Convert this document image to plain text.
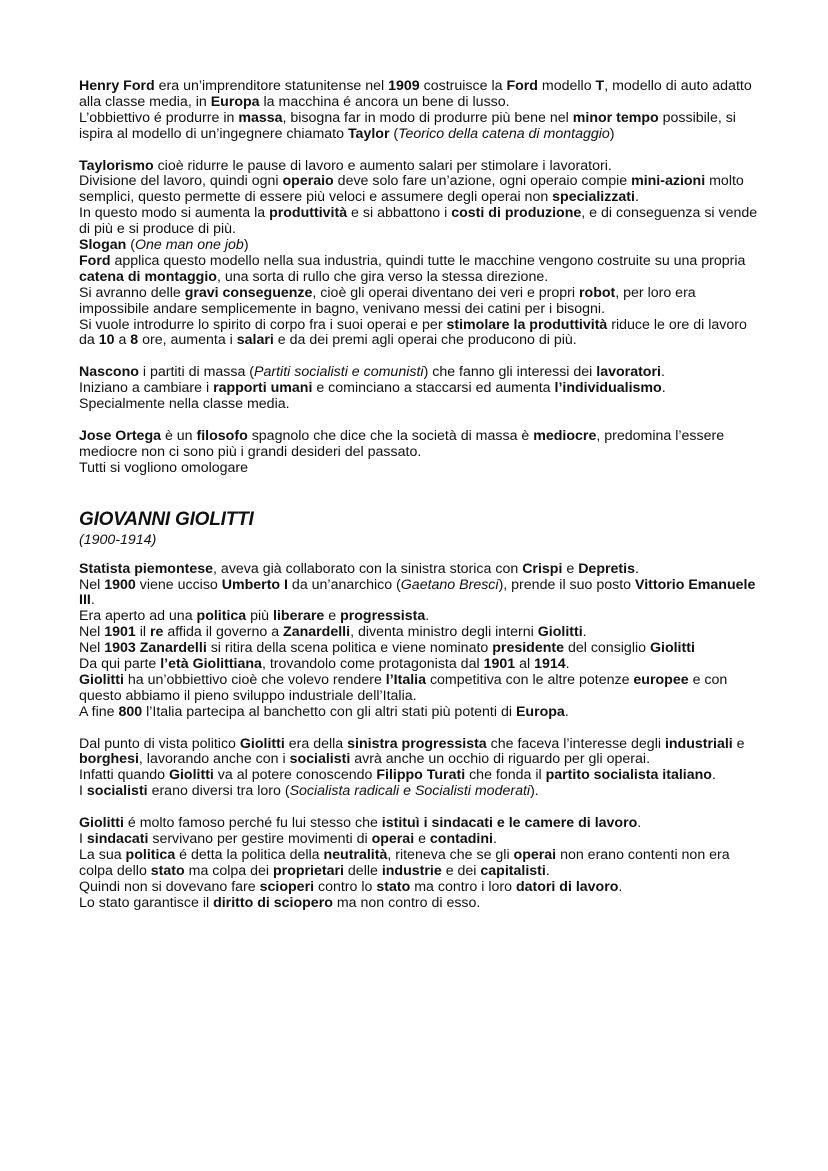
Henry Ford era un’imprenditore statunitense nel 1909 costruisce la Ford modello T, modello di auto adatto alla classe media, in Europa la macchina é ancora un bene di lusso.

L’obbiettivo é produrre in massa, bisogna far in modo di produrre più bene nel minor tempo possibile, si ispira al modello di un’ingegnere chiamato Taylor (Teorico della catena di montaggio)

Taylorismo cioè ridurre le pause di lavoro e aumento salari per stimolare i lavoratori.

Divisione del lavoro, quindi ogni operaio deve solo fare un’azione, ogni operaio compie mini-azioni molto semplici, questo permette di essere più veloci e assumere degli operai non specializzati.

In questo modo si aumenta la produttività e si abbattono i costi di produzione, e di conseguenza si vende di più e si produce di più.

Slogan (One man one job)

Ford applica questo modello nella sua industria, quindi tutte le macchine vengono costruite su una propria catena di montaggio, una sorta di rullo che gira verso la stessa direzione.

Si avranno delle gravi conseguenze, cioè gli operai diventano dei veri e propri robot, per loro era impossibile andare semplicemente in bagno, venivano messi dei catini per i bisogni.

Si vuole introdurre lo spirito di corpo fra i suoi operai e per stimolare la produttività riduce le ore di lavoro da 10 a 8 ore, aumenta i salari e da dei premi agli operai che producono di più.

Nascono i partiti di massa (Partiti socialisti e comunisti) che fanno gli interessi dei lavoratori.

Iniziano a cambiare i rapporti umani e cominciano a staccarsi ed aumenta l’individualismo.

Specialmente nella classe media.

Jose Ortega è un filosofo spagnolo che dice che la società di massa è mediocre, predomina l’essere mediocre non ci sono più i grandi desideri del passato.

Tutti si vogliono omologare

GIOVANNI GIOLITTI

(1900-1914)

Statista piemontese, aveva già collaborato con la sinistra storica con Crispi e Depretis.

Nel 1900 viene ucciso Umberto I da un’anarchico (Gaetano Bresci), prende il suo posto Vittorio Emanuele III.

Era aperto ad una politica più liberare e progressista.

Nel 1901 il re affida il governo a Zanardelli, diventa ministro degli interni Giolitti.

Nel 1903 Zanardelli si ritira della scena politica e viene nominato presidente del consiglio Giolitti

Da qui parte l’età Giolittiana, trovandolo come protagonista dal 1901 al 1914.

Giolitti ha un’obbiettivo cioè che volevo rendere l’Italia competitiva con le altre potenze europee e con questo abbiamo il pieno sviluppo industriale dell’Italia.

A fine 800 l’Italia partecipa al banchetto con gli altri stati più potenti di Europa.

Dal punto di vista politico Giolitti era della sinistra progressista che faceva l’interesse degli industriali e borghesi, lavorando anche con i socialisti avrà anche un occhio di riguardo per gli operai.

Infatti quando Giolitti va al potere conoscendo Filippo Turati che fonda il partito socialista italiano.

I socialisti erano diversi tra loro (Socialista radicali e Socialisti moderati).

Giolitti é molto famoso perché fu lui stesso che istituì i sindacati e le camere di lavoro.

I sindacati servivano per gestire movimenti di operai e contadini.

La sua politica é detta la politica della neutralità, riteneva che se gli operai non erano contenti non era colpa dello stato ma colpa dei proprietari delle industrie e dei capitalisti.

Quindi non si dovevano fare scioperi contro lo stato ma contro i loro datori di lavoro.

Lo stato garantisce il diritto di sciopero ma non contro di esso.
